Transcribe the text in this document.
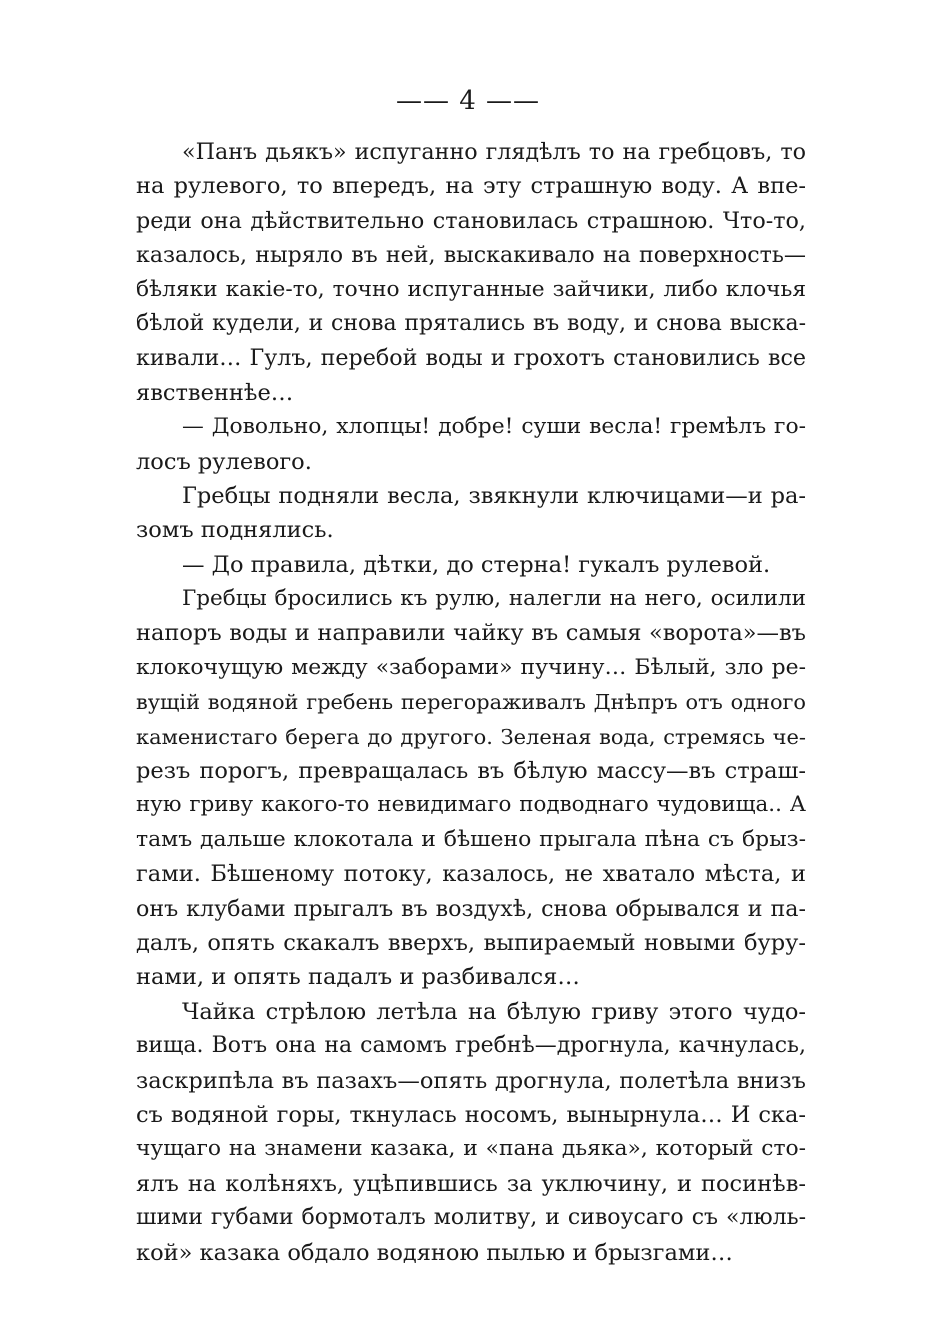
—— 4 ——
«Панъ дьякъ» испуганно глядѣлъ то на гребцовъ, то
на рулевого, то впередъ, на эту страшную воду. А впе-
реди она дѣйствительно становилась страшною. Что-то,
казалось, ныряло въ ней, выскакивало на поверхность—
бѣляки какiе-то, точно испуганные зайчики, либо клочья
бѣлой кудели, и снова прятались въ воду, и снова выска-
кивали… Гулъ, перебой воды и грохотъ становились все
явственнѣе…
— Довольно, хлопцы! добре! суши весла! гремѣлъ го-
лосъ рулевого.
Гребцы подняли весла, звякнули ключицами—и ра-
зомъ поднялись.
— До правила, дѣтки, до стерна! гукалъ рулевой.
Гребцы бросились къ рулю, налегли на него, осилили
напоръ воды и направили чайку въ самыя «ворота»—въ
клокочущую между «заборами» пучину… Бѣлый, зло ре-
вущiй водяной гребень перегораживалъ Днѣпръ отъ одного
каменистаго берега до другого. Зеленая вода, стремясь че-
резъ порогъ, превращалась въ бѣлую массу—въ страш-
ную гриву какого-то невидимаго подводнаго чудовища.. А
тамъ дальше клокотала и бѣшено прыгала пѣна съ брыз-
гами. Бѣшеному потоку, казалось, не хватало мѣста, и
онъ клубами прыгалъ въ воздухѣ, снова обрывался и па-
далъ, опять скакалъ вверхъ, выпираемый новыми буру-
нами, и опять падалъ и разбивался…
Чайка стрѣлою летѣла на бѣлую гриву этого чудо-
вища. Вотъ она на самомъ гребнѣ—дрогнула, качнулась,
заскрипѣла въ пазахъ—опять дрогнула, полетѣла внизъ
съ водяной горы, ткнулась носомъ, вынырнула… И ска-
чущаго на знамени казака, и «пана дьяка», который сто-
ялъ на колѣняхъ, уцѣпившись за уключину, и посинѣв-
шими губами бормоталъ молитву, и сивоусаго съ «люль-
кой» казака обдало водяною пылью и брызгами…
